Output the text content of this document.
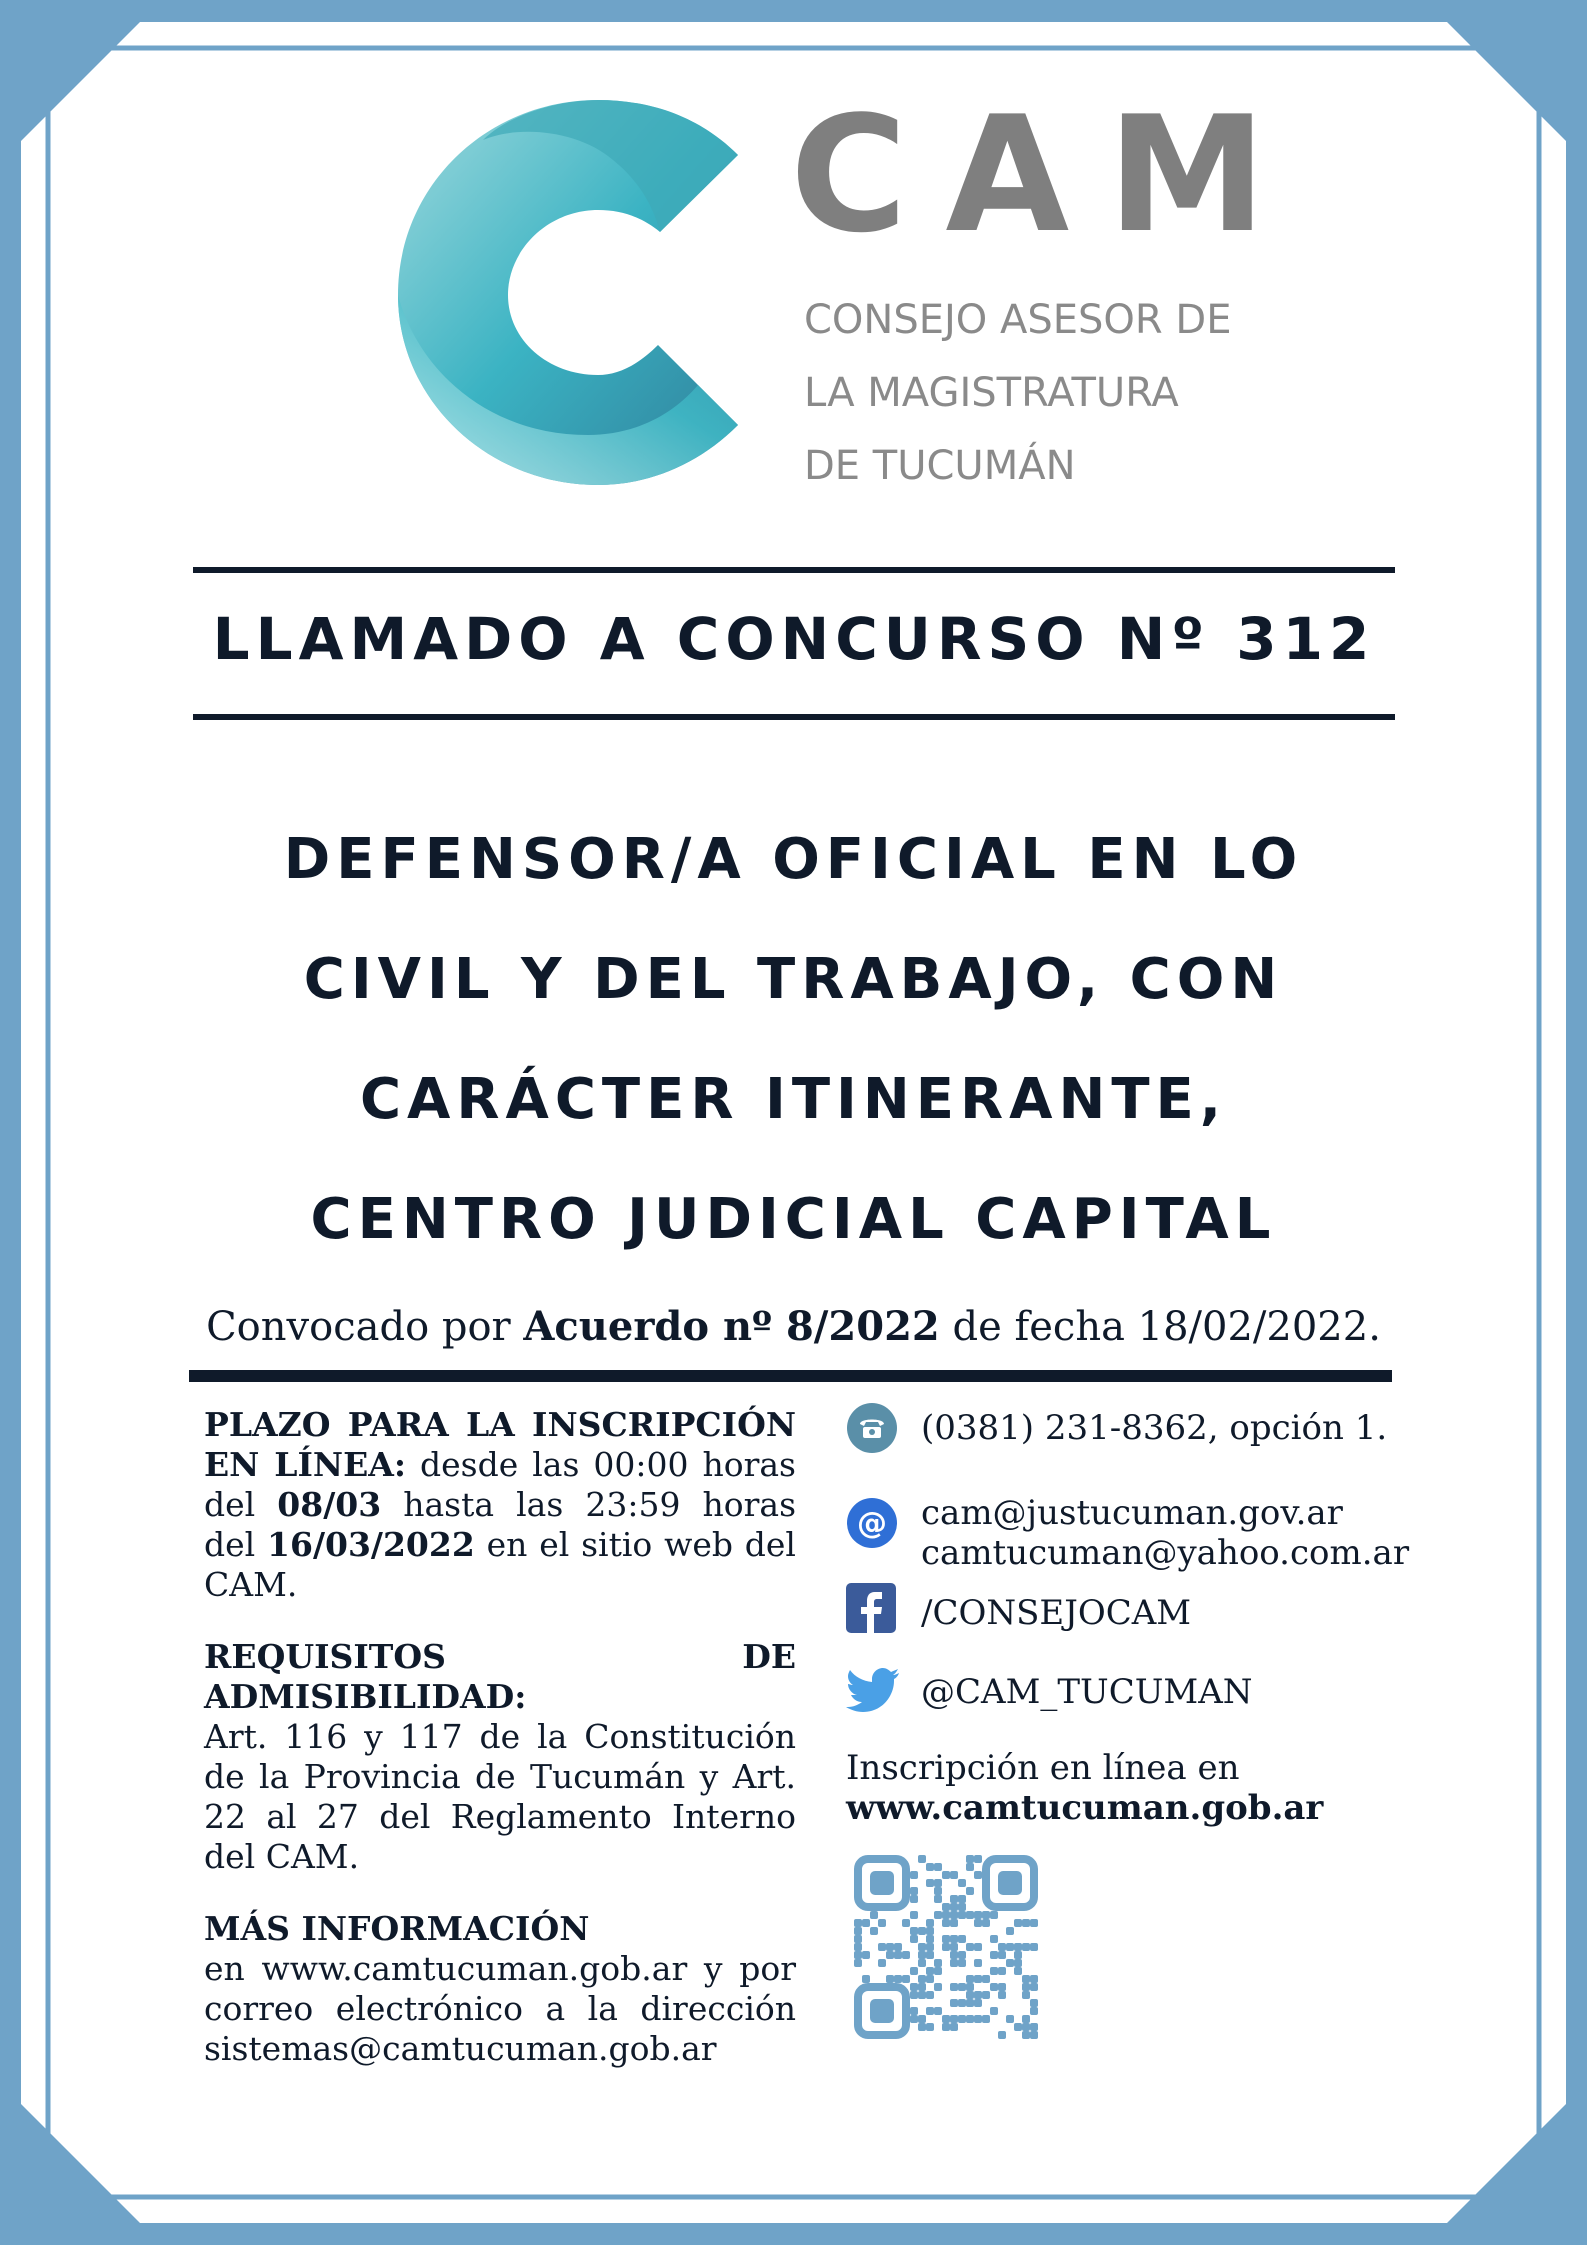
CAM
CONSEJO ASESOR DE
LA MAGISTRATURA
DE TUCUMÁN
LLAMADO A CONCURSO Nº 312
DEFENSOR/A OFICIAL EN LO
CIVIL Y DEL TRABAJO, CON
CARÁCTER ITINERANTE,
CENTRO JUDICIAL CAPITAL
Convocado por Acuerdo nº 8/2022 de fecha 18/02/2022.
PLAZO PARA LA INSCRIPCIÓN EN LÍNEA: desde las 00:00 horas del 08/03 hasta las 23:59 horas del 16/03/2022 en el sitio web del CAM.
REQUISITOS DE ADMISIBILIDAD:
Art. 116 y 117 de la Constitución de la Provincia de Tucumán y Art. 22 al 27 del Reglamento Interno del CAM.
MÁS INFORMACIÓN
en www.camtucuman.gob.ar y por correo electrónico a la dirección sistemas@camtucuman.gob.ar
(0381) 231-8362, opción 1.
@ cam@justucuman.gov.ar
camtucuman@yahoo.com.ar
/CONSEJOCAM
@CAM_TUCUMAN
Inscripción en línea en
www.camtucuman.gob.ar
